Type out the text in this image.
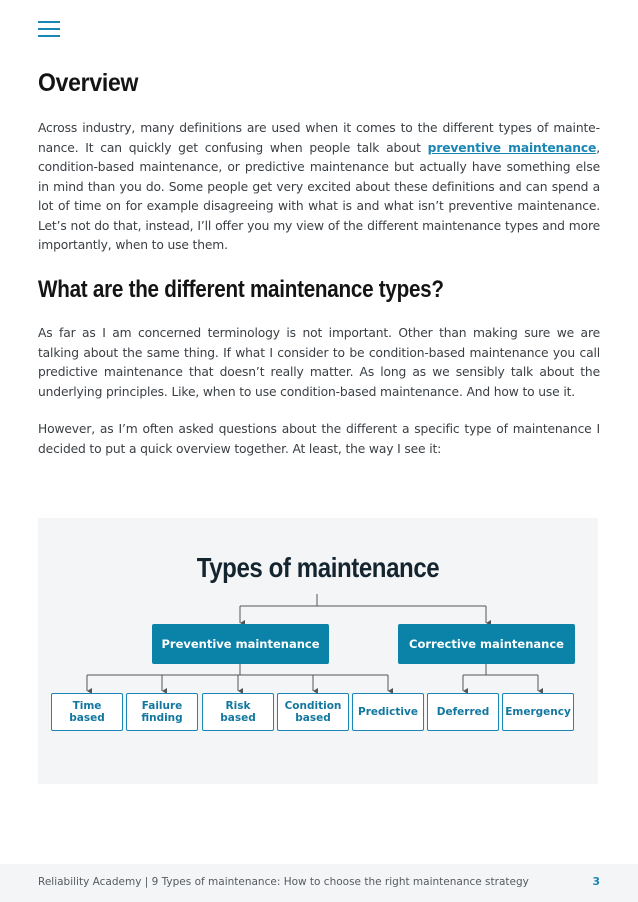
Overview

Across industry, many definitions are used when it comes to the different types of maintenance. It can quickly get confusing when people talk about preventive maintenance, condition-based maintenance, or predictive maintenance but actually have something else in mind than you do. Some people get very excited about these definitions and can spend a lot of time on for example disagreeing with what is and what isn’t preventive maintenance. Let’s not do that, instead, I’ll offer you my view of the different maintenance types and more importantly, when to use them.

What are the different maintenance types?

As far as I am concerned terminology is not important. Other than making sure we are talking about the same thing. If what I consider to be condition-based maintenance you call predictive maintenance that doesn’t really matter. As long as we sensibly talk about the underlying principles. Like, when to use condition-based maintenance. And how to use it.

However, as I’m often asked questions about the different a specific type of maintenance I decided to put a quick overview together. At least, the way I see it:

Types of maintenance
Preventive maintenance	Corrective maintenance
Time
based
Failure
finding
Risk based
Condition
based	Predictive	Deferred	Emergency
Reliability Academy | 9 Types of maintenance: How to choose the right maintenance strategy	3
